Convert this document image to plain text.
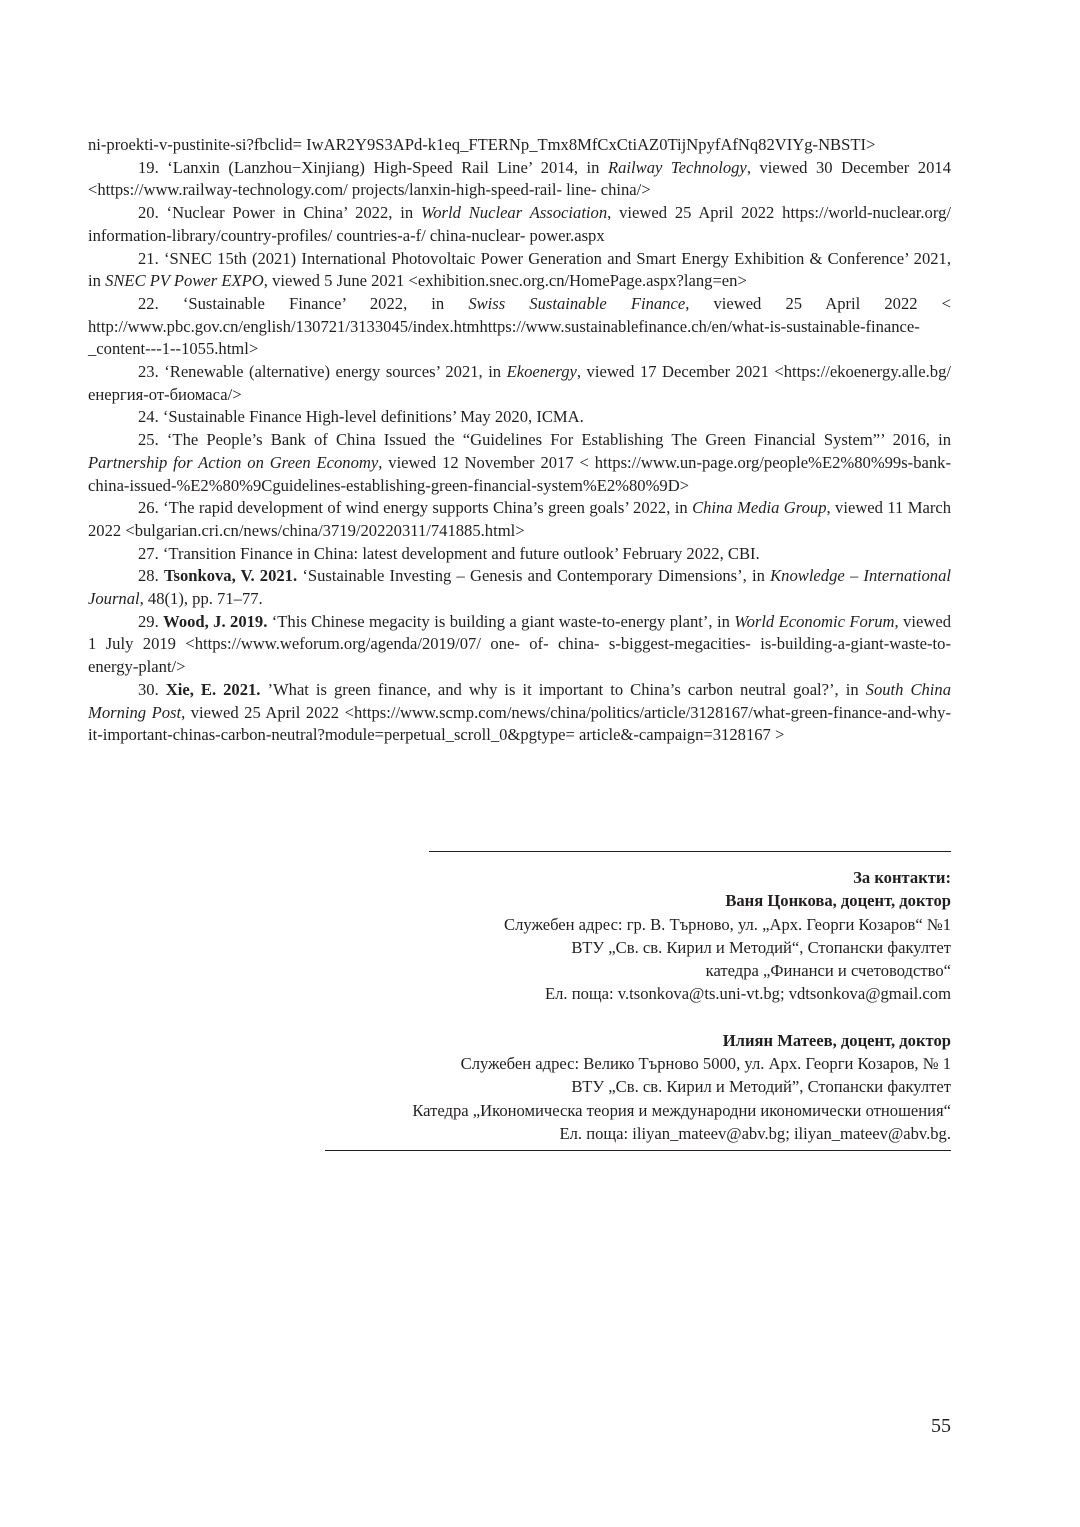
ni-proekti-v-pustinite-si?fbclid= IwAR2Y9S3APd-k1eq_FTERNp_Tmx8MfCxCtiAZ0TijNpyfAfNq82VIYg-NBSTI>

19. ‘Lanxin (Lanzhou−Xinjiang) High-Speed Rail Line’ 2014, in Railway Technology, viewed 30 December 2014 <https://www.railway-technology.com/ projects/lanxin-high-speed-rail- line- china/>

20. ‘Nuclear Power in China’ 2022, in World Nuclear Association, viewed 25 April 2022 https://world-nuclear.org/ information-library/country-profiles/ countries-a-f/ china-nuclear- power.aspx

21. ‘SNEC 15th (2021) International Photovoltaic Power Generation and Smart Energy Exhibition & Conference’ 2021, in SNEC PV Power EXPO, viewed 5 June 2021 <exhibition.snec.org.cn/HomePage.aspx?lang=en>

22. ‘Sustainable Finance’ 2022, in Swiss Sustainable Finance, viewed 25 April 2022 < http://www.pbc.gov.cn/english/130721/3133045/index.htmhttps://www.sustainablefinance.ch/en/what-is-sustainable-finance-_content---1--1055.html>

23. ‘Renewable (alternative) energy sources’ 2021, in Ekoenergy, viewed 17 December 2021 <https://ekoenergy.alle.bg/енергия-от-биомаса/>

24. ‘Sustainable Finance High-level definitions’ May 2020, ICMA.

25. ‘The People’s Bank of China Issued the “Guidelines For Establishing The Green Financial System”’ 2016, in Partnership for Action on Green Economy, viewed 12 November 2017 < https://www.un-page.org/people%E2%80%99s-bank-china-issued-%E2%80%9Cguidelines-establishing-green-financial-system%E2%80%9D>

26. ‘The rapid development of wind energy supports China’s green goals’ 2022, in China Media Group, viewed 11 March 2022 <bulgarian.cri.cn/news/china/3719/20220311/741885.html>

27. ‘Transition Finance in China: latest development and future outlook’ February 2022, CBI.

28. Tsonkova, V. 2021. ‘Sustainable Investing – Genesis and Contemporary Dimensions’, in Knowledge – International Journal, 48(1), pp. 71–77.

29. Wood, J. 2019. ‘This Chinese megacity is building a giant waste-to-energy plant’, in World Economic Forum, viewed 1 July 2019 <https://www.weforum.org/agenda/2019/07/ one- of- china- s-biggest-megacities- is-building-a-giant-waste-to-energy-plant/>

30. Xie, E. 2021. ’What is green finance, and why is it important to China’s carbon neutral goal?’, in South China Morning Post, viewed 25 April 2022 <https://www.scmp.com/news/china/politics/article/3128167/what-green-finance-and-why-it-important-chinas-carbon-neutral?module=perpetual_scroll_0&pgtype= article&-campaign=3128167 >

За контакти:

Ваня Цонкова, доцент, доктор

Служебен адрес: гр. В. Търново, ул. „Арх. Георги Козаров“ №1

ВТУ „Св. св. Кирил и Методий“, Стопански факултет

катедра „Финанси и счетоводство“

Ел. поща: v.tsonkova@ts.uni-vt.bg; vdtsonkova@gmail.com

Илиян Матеев, доцент, доктор

Служебен адрес: Велико Търново 5000, ул. Арх. Георги Козаров, № 1

ВТУ „Св. св. Кирил и Методий”, Стопански факултет

Катедра „Икономическа теория и международни икономически отношения“

Ел. поща: iliyan_mateev@abv.bg; iliyan_mateev@abv.bg.

55
